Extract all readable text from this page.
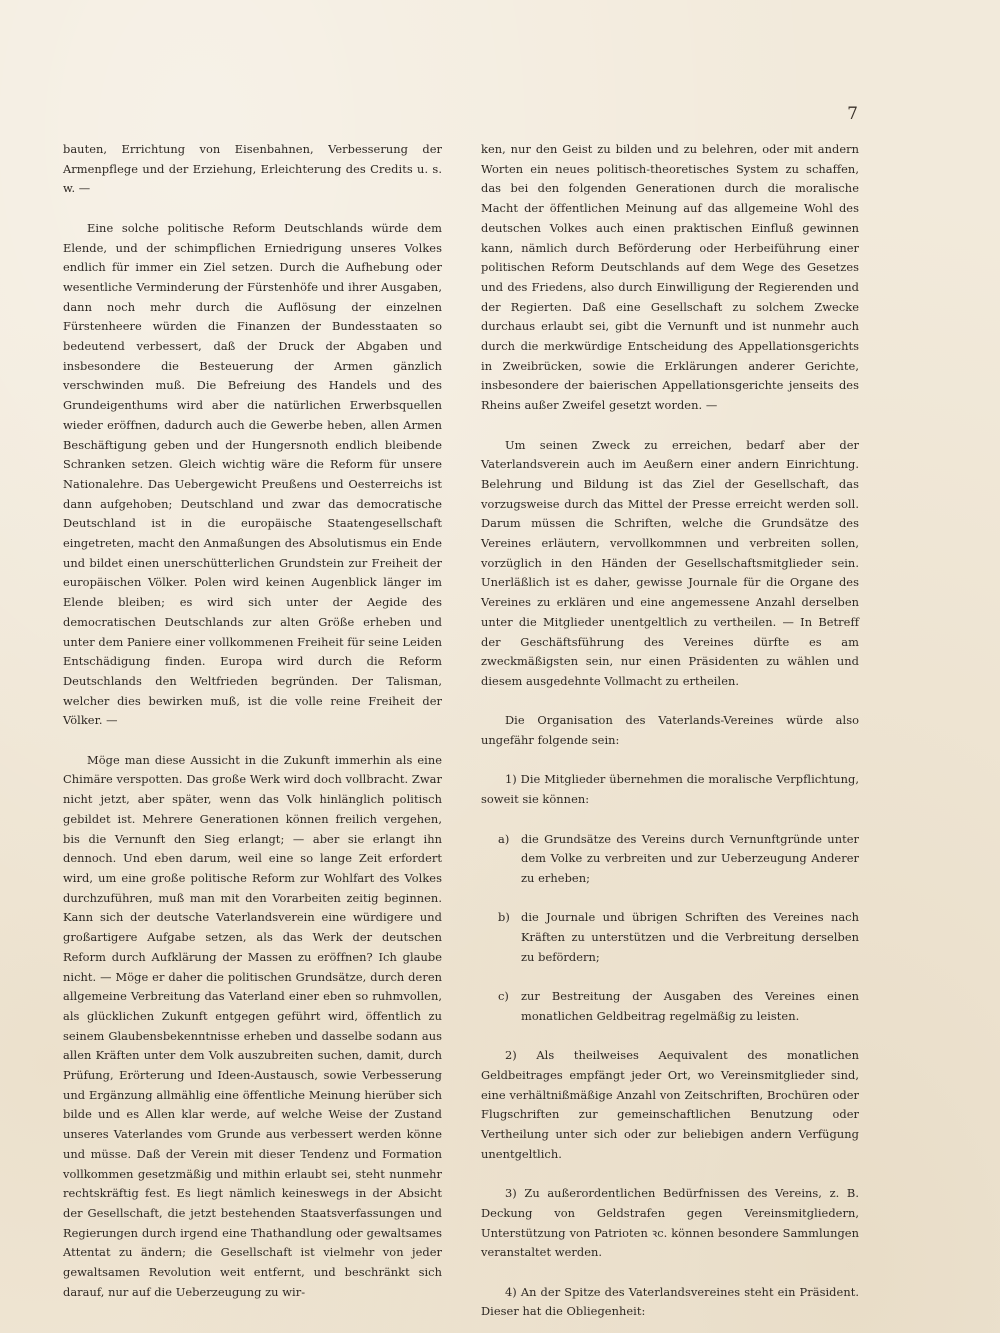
7

bauten, Errichtung von Eisenbahnen, Verbesserung der Armenpflege und der Erziehung, Erleichterung des Credits u. s. w. —

Eine solche politische Reform Deutschlands würde dem Elende, und der schimpflichen Erniedrigung unseres Volkes endlich für immer ein Ziel setzen. Durch die Aufhebung oder wesentliche Verminderung der Fürstenhöfe und ihrer Ausgaben, dann noch mehr durch die Auflösung der einzelnen Fürstenheere würden die Finanzen der Bundesstaaten so bedeutend verbessert, daß der Druck der Abgaben und insbesondere die Besteuerung der Armen gänzlich verschwinden muß. Die Befreiung des Handels und des Grundeigenthums wird aber die natürlichen Erwerbsquellen wieder eröffnen, dadurch auch die Gewerbe heben, allen Armen Beschäftigung geben und der Hungersnoth endlich bleibende Schranken setzen. Gleich wichtig wäre die Reform für unsere Nationalehre. Das Uebergewicht Preußens und Oesterreichs ist dann aufgehoben; Deutschland und zwar das democratische Deutschland ist in die europäische Staatengesellschaft eingetreten, macht den Anmaßungen des Absolutismus ein Ende und bildet einen unerschütterlichen Grundstein zur Freiheit der europäischen Völker. Polen wird keinen Augenblick länger im Elende bleiben; es wird sich unter der Aegide des democratischen Deutschlands zur alten Größe erheben und unter dem Paniere einer vollkommenen Freiheit für seine Leiden Entschädigung finden. Europa wird durch die Reform Deutschlands den Weltfrieden begründen. Der Talisman, welcher dies bewirken muß, ist die volle reine Freiheit der Völker. —

Möge man diese Aussicht in die Zukunft immerhin als eine Chimäre verspotten. Das große Werk wird doch vollbracht. Zwar nicht jetzt, aber später, wenn das Volk hinlänglich politisch gebildet ist. Mehrere Generationen können freilich vergehen, bis die Vernunft den Sieg erlangt; — aber sie erlangt ihn dennoch. Und eben darum, weil eine so lange Zeit erfordert wird, um eine große politische Reform zur Wohlfart des Volkes durchzuführen, muß man mit den Vorarbeiten zeitig beginnen. Kann sich der deutsche Vaterlandsverein eine würdigere und großartigere Aufgabe setzen, als das Werk der deutschen Reform durch Aufklärung der Massen zu eröffnen? Ich glaube nicht. — Möge er daher die politischen Grundsätze, durch deren allgemeine Verbreitung das Vaterland einer eben so ruhmvollen, als glücklichen Zukunft entgegen geführt wird, öffentlich zu seinem Glaubensbekenntnisse erheben und dasselbe sodann aus allen Kräften unter dem Volk auszubreiten suchen, damit, durch Prüfung, Erörterung und Ideen-Austausch, sowie Verbesserung und Ergänzung allmählig eine öffentliche Meinung hierüber sich bilde und es Allen klar werde, auf welche Weise der Zustand unseres Vaterlandes vom Grunde aus verbessert werden könne und müsse. Daß der Verein mit dieser Tendenz und Formation vollkommen gesetzmäßig und mithin erlaubt sei, steht nunmehr rechtskräftig fest. Es liegt nämlich keineswegs in der Absicht der Gesellschaft, die jetzt bestehenden Staatsverfassungen und Regierungen durch irgend eine Thathandlung oder gewaltsames Attentat zu ändern; die Gesellschaft ist vielmehr von jeder gewaltsamen Revolution weit entfernt, und beschränkt sich darauf, nur auf die Ueberzeugung zu wir-

ken, nur den Geist zu bilden und zu belehren, oder mit andern Worten ein neues politisch-theoretisches System zu schaffen, das bei den folgenden Generationen durch die moralische Macht der öffentlichen Meinung auf das allgemeine Wohl des deutschen Volkes auch einen praktischen Einfluß gewinnen kann, nämlich durch Beförderung oder Herbeiführung einer politischen Reform Deutschlands auf dem Wege des Gesetzes und des Friedens, also durch Einwilligung der Regierenden und der Regierten. Daß eine Gesellschaft zu solchem Zwecke durchaus erlaubt sei, gibt die Vernunft und ist nunmehr auch durch die merkwürdige Entscheidung des Appellationsgerichts in Zweibrücken, sowie die Erklärungen anderer Gerichte, insbesondere der baierischen Appellationsgerichte jenseits des Rheins außer Zweifel gesetzt worden. —

Um seinen Zweck zu erreichen, bedarf aber der Vaterlandsverein auch im Aeußern einer andern Einrichtung. Belehrung und Bildung ist das Ziel der Gesellschaft, das vorzugsweise durch das Mittel der Presse erreicht werden soll. Darum müssen die Schriften, welche die Grundsätze des Vereines erläutern, vervollkommnen und verbreiten sollen, vorzüglich in den Händen der Gesellschaftsmitglieder sein. Unerläßlich ist es daher, gewisse Journale für die Organe des Vereines zu erklären und eine angemessene Anzahl derselben unter die Mitglieder unentgeltlich zu vertheilen. — In Betreff der Geschäftsführung des Vereines dürfte es am zweckmäßigsten sein, nur einen Präsidenten zu wählen und diesem ausgedehnte Vollmacht zu ertheilen.

Die Organisation des Vaterlands-Vereines würde also ungefähr folgende sein:

1) Die Mitglieder übernehmen die moralische Verpflichtung, soweit sie können:

a) die Grundsätze des Vereins durch Vernunftgründe unter dem Volke zu verbreiten und zur Ueberzeugung Anderer zu erheben;

b) die Journale und übrigen Schriften des Vereines nach Kräften zu unterstützen und die Verbreitung derselben zu befördern;

c) zur Bestreitung der Ausgaben des Vereines einen monatlichen Geldbeitrag regelmäßig zu leisten.

2) Als theilweises Aequivalent des monatlichen Geldbeitrages empfängt jeder Ort, wo Vereinsmitglieder sind, eine verhältnißmäßige Anzahl von Zeitschriften, Brochüren oder Flugschriften zur gemeinschaftlichen Benutzung oder Vertheilung unter sich oder zur beliebigen andern Verfügung unentgeltlich.

3) Zu außerordentlichen Bedürfnissen des Vereins, z. B. Deckung von Geldstrafen gegen Vereinsmitgliedern, Unterstützung von Patrioten ꝛc. können besondere Sammlungen veranstaltet werden.

4) An der Spitze des Vaterlandsvereines steht ein Präsident. Dieser hat die Obliegenheit:
